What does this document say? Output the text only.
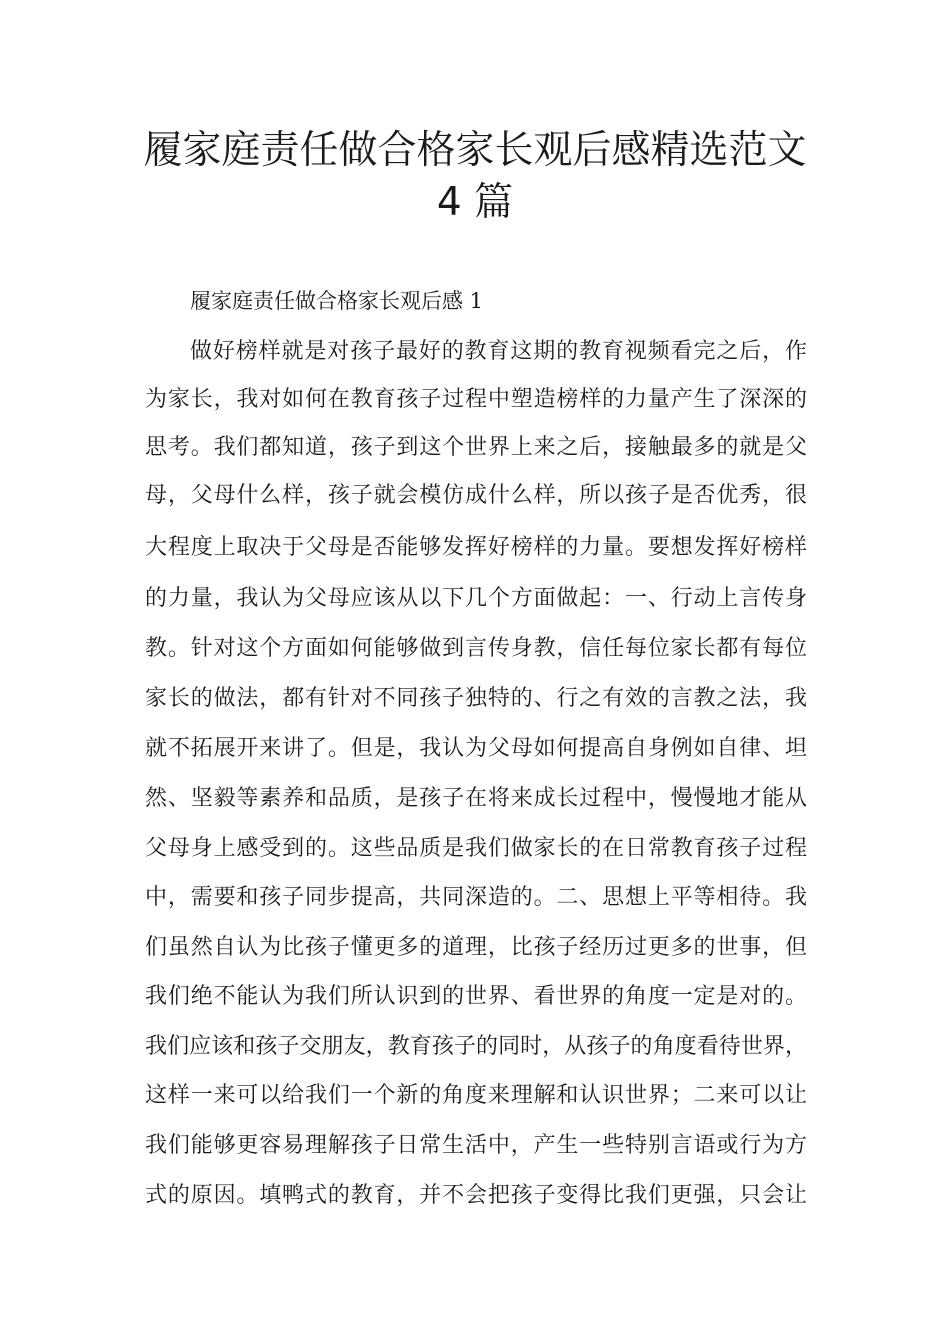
履家庭责任做合格家长观后感精选范文
4 篇

履家庭责任做合格家长观后感 1

做好榜样就是对孩子最好的教育这期的教育视频看完之后，作

为家长，我对如何在教育孩子过程中塑造榜样的力量产生了深深的

思考。我们都知道，孩子到这个世界上来之后，接触最多的就是父

母，父母什么样，孩子就会模仿成什么样，所以孩子是否优秀，很

大程度上取决于父母是否能够发挥好榜样的力量。要想发挥好榜样

的力量，我认为父母应该从以下几个方面做起：一、行动上言传身

教。针对这个方面如何能够做到言传身教，信任每位家长都有每位

家长的做法，都有针对不同孩子独特的、行之有效的言教之法，我

就不拓展开来讲了。但是，我认为父母如何提高自身例如自律、坦

然、坚毅等素养和品质，是孩子在将来成长过程中，慢慢地才能从

父母身上感受到的。这些品质是我们做家长的在日常教育孩子过程

中，需要和孩子同步提高，共同深造的。二、思想上平等相待。我

们虽然自认为比孩子懂更多的道理，比孩子经历过更多的世事，但

我们绝不能认为我们所认识到的世界、看世界的角度一定是对的。

我们应该和孩子交朋友，教育孩子的同时，从孩子的角度看待世界，

这样一来可以给我们一个新的角度来理解和认识世界；二来可以让

我们能够更容易理解孩子日常生活中，产生一些特别言语或行为方

式的原因。填鸭式的教育，并不会把孩子变得比我们更强，只会让
